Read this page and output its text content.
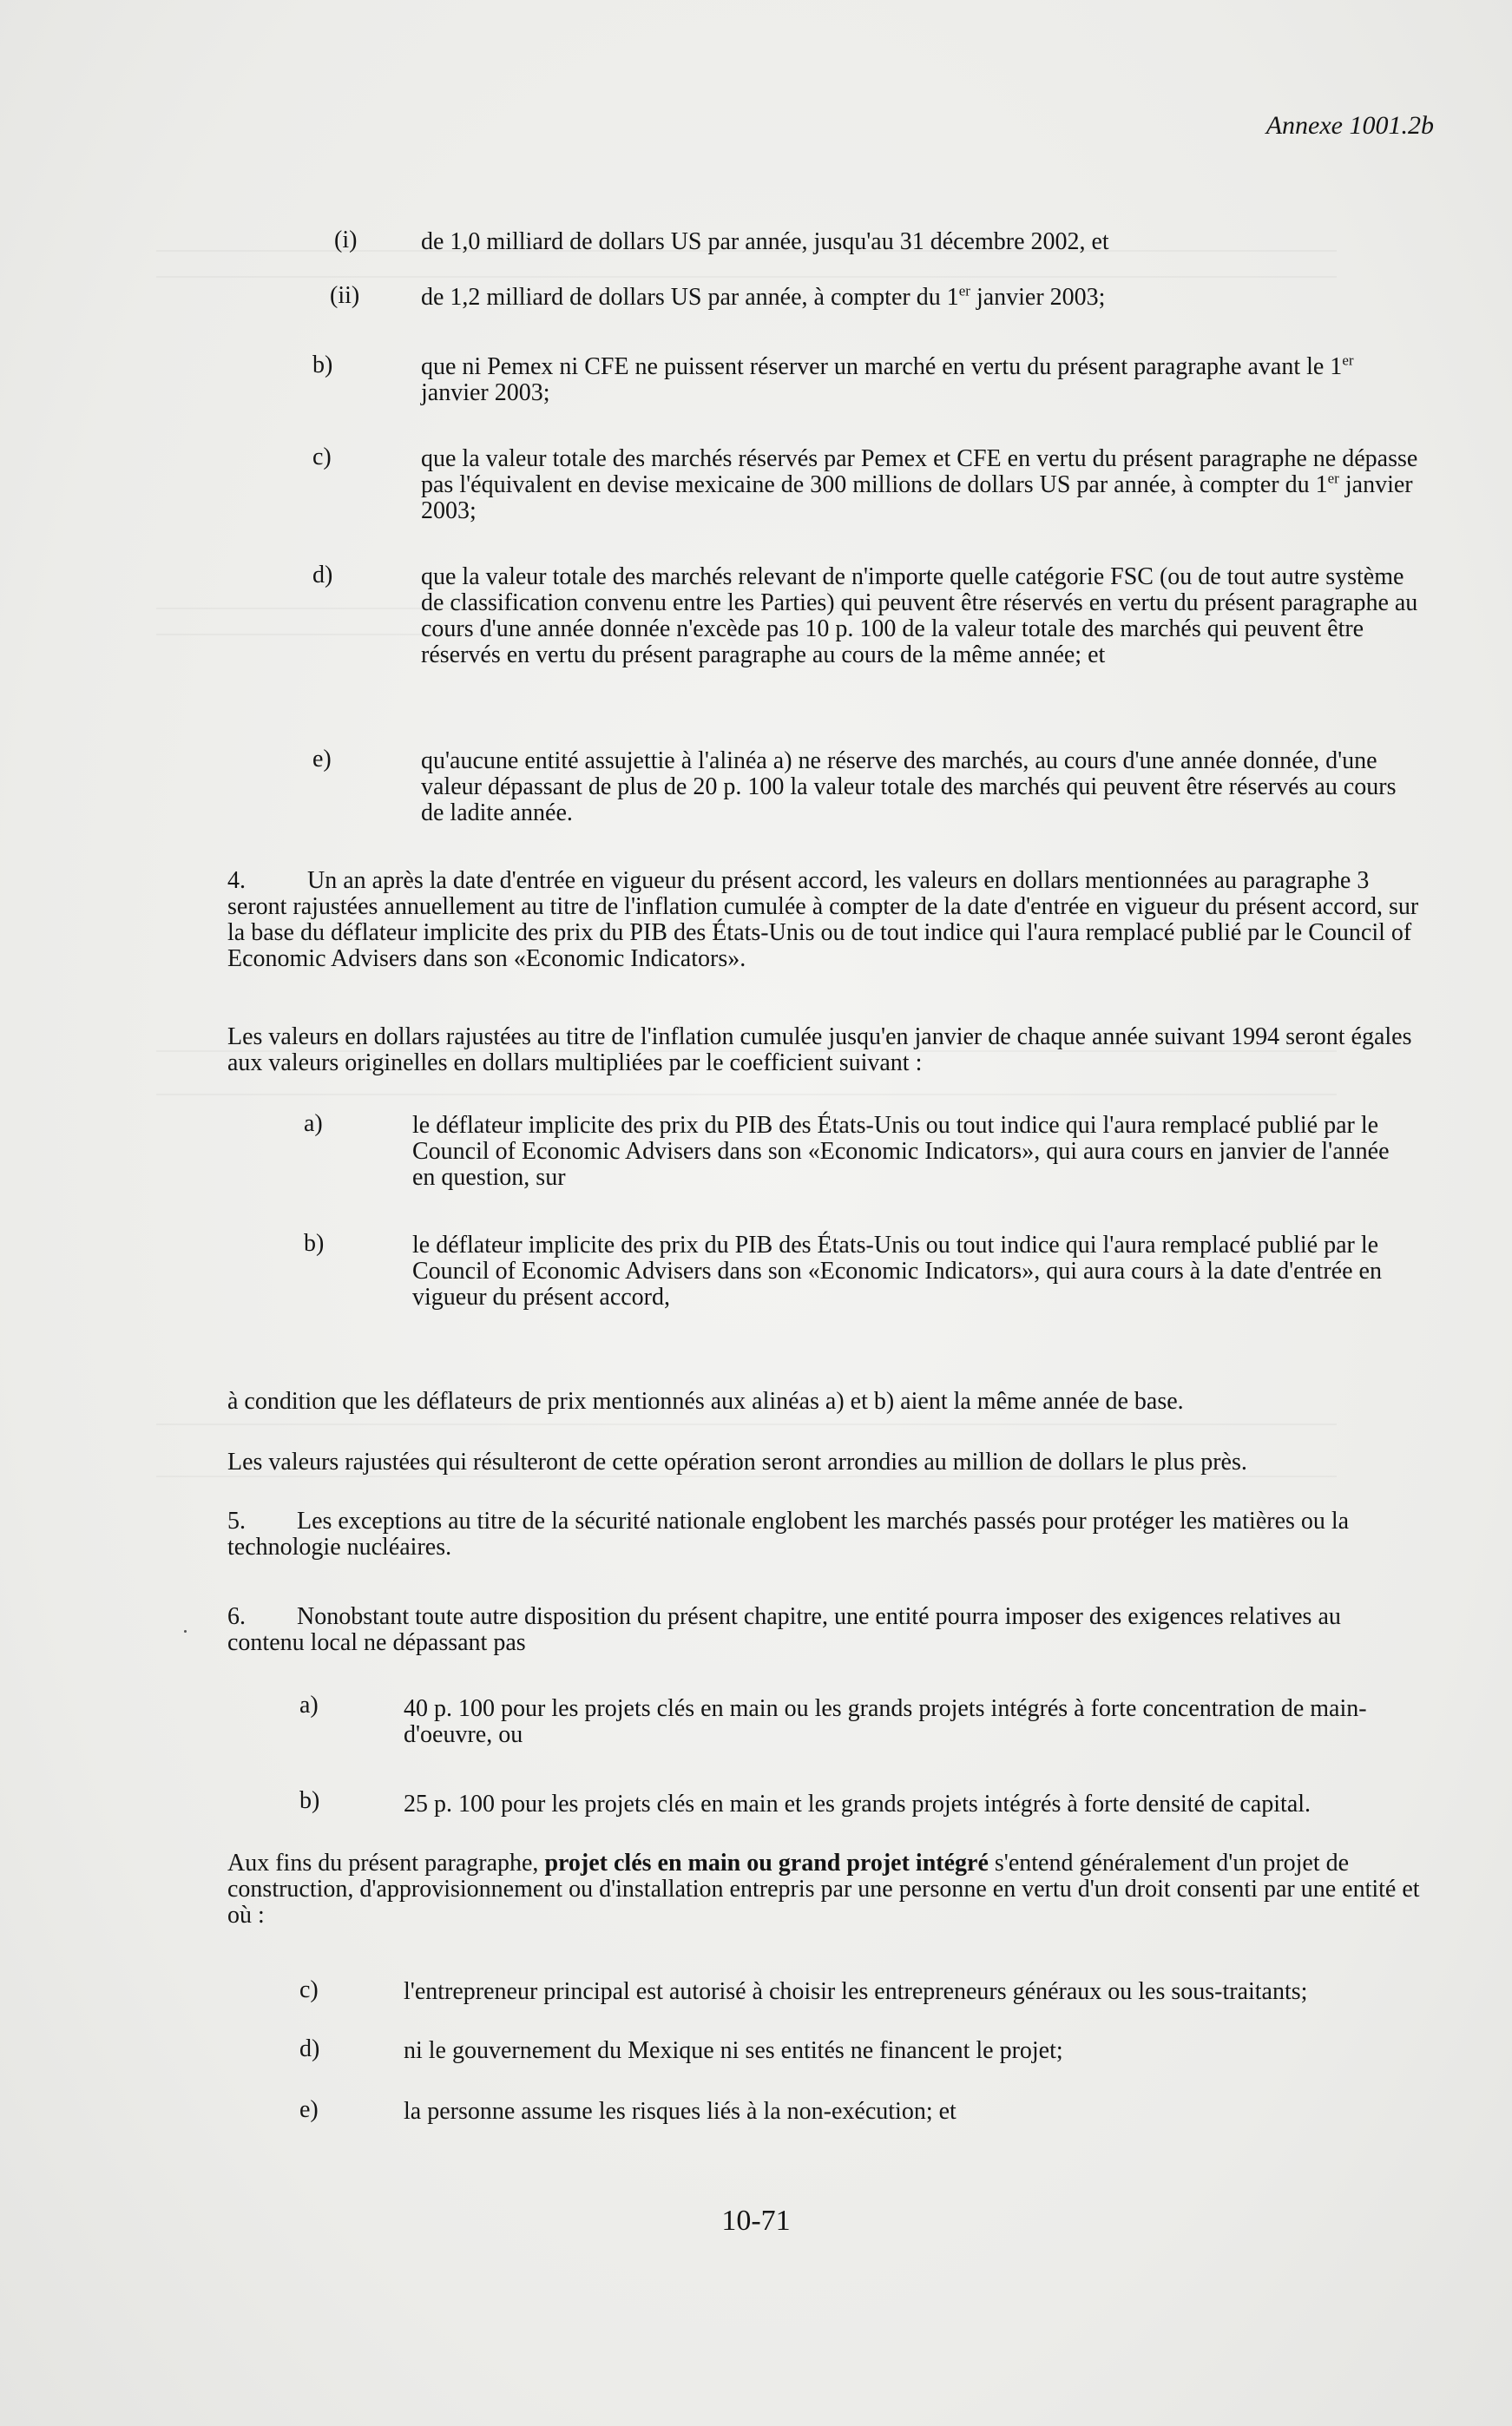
Annexe 1001.2b
(i)	de 1,0 milliard de dollars US par année, jusqu'au 31 décembre 2002, et
(ii)	de 1,2 milliard de dollars US par année, à compter du 1er janvier 2003;
b)	que ni Pemex ni CFE ne puissent réserver un marché en vertu du présent paragraphe avant le 1er janvier 2003;
c)	que la valeur totale des marchés réservés par Pemex et CFE en vertu du présent paragraphe ne dépasse pas l'équivalent en devise mexicaine de 300 millions de dollars US par année, à compter du 1er janvier 2003;
d)	que la valeur totale des marchés relevant de n'importe quelle catégorie FSC (ou de tout autre système de classification convenu entre les Parties) qui peuvent être réservés en vertu du présent paragraphe au cours d'une année donnée n'excède pas 10 p. 100 de la valeur totale des marchés qui peuvent être réservés en vertu du présent paragraphe au cours de la même année; et
e)	qu'aucune entité assujettie à l'alinéa a) ne réserve des marchés, au cours d'une année donnée, d'une valeur dépassant de plus de 20 p. 100 la valeur totale des marchés qui peuvent être réservés au cours de ladite année.
4.	Un an après la date d'entrée en vigueur du présent accord, les valeurs en dollars mentionnées au paragraphe 3 seront rajustées annuellement au titre de l'inflation cumulée à compter de la date d'entrée en vigueur du présent accord, sur la base du déflateur implicite des prix du PIB des États-Unis ou de tout indice qui l'aura remplacé publié par le Council of Economic Advisers dans son «Economic Indicators».
Les valeurs en dollars rajustées au titre de l'inflation cumulée jusqu'en janvier de chaque année suivant 1994 seront égales aux valeurs originelles en dollars multipliées par le coefficient suivant :
a)	le déflateur implicite des prix du PIB des États-Unis ou tout indice qui l'aura remplacé publié par le Council of Economic Advisers dans son «Economic Indicators», qui aura cours en janvier de l'année en question, sur
b)	le déflateur implicite des prix du PIB des États-Unis ou tout indice qui l'aura remplacé publié par le Council of Economic Advisers dans son «Economic Indicators», qui aura cours à la date d'entrée en vigueur du présent accord,
à condition que les déflateurs de prix mentionnés aux alinéas a) et b) aient la même année de base.
Les valeurs rajustées qui résulteront de cette opération seront arrondies au million de dollars le plus près.
5. Les exceptions au titre de la sécurité nationale englobent les marchés passés pour protéger les matières ou la technologie nucléaires.
6. Nonobstant toute autre disposition du présent chapitre, une entité pourra imposer des exigences relatives au contenu local ne dépassant pas
a)	40 p. 100 pour les projets clés en main ou les grands projets intégrés à forte concentration de main-d'oeuvre, ou
b)	25 p. 100 pour les projets clés en main et les grands projets intégrés à forte densité de capital.
Aux fins du présent paragraphe, projet clés en main ou grand projet intégré s'entend généralement d'un projet de construction, d'approvisionnement ou d'installation entrepris par une personne en vertu d'un droit consenti par une entité et où :
c)	l'entrepreneur principal est autorisé à choisir les entrepreneurs généraux ou les sous-traitants;
d)	ni le gouvernement du Mexique ni ses entités ne financent le projet;
e)	la personne assume les risques liés à la non-exécution; et
10-71
